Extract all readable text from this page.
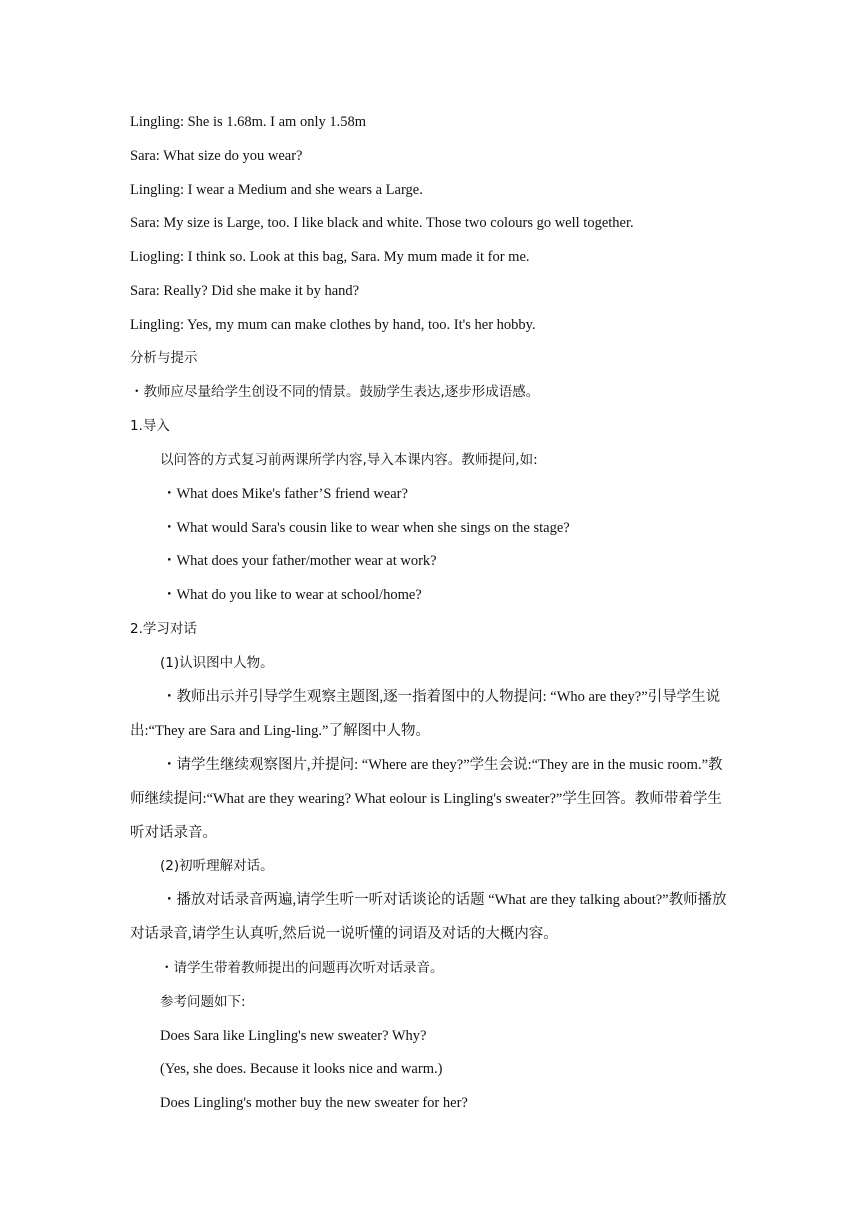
Lingling: She is 1.68m. I am only 1.58m
Sara: What size do you wear?
Lingling: I wear a Medium and she wears a Large.
Sara: My size is Large, too. I like black and white. Those two colours go well together.
Liogling: I think so. Look at this bag, Sara. My mum made it for me.
Sara: Really? Did she make it by hand?
Lingling: Yes, my mum can make clothes by hand, too. It's her hobby.
分析与提示
・教师应尽量给学生创设不同的情景。鼓励学生表达,逐步形成语感。
1.导入
以问答的方式复习前两课所学内容,导入本课内容。教师提问,如:
・What does Mike's father’S friend wear?
・What would Sara's cousin like to wear when she sings on the stage?
・What does your father/mother wear at work?
・What do you like to wear at school/home?
2.学习对话
(1)认识图中人物。
・教师出示并引导学生观察主题图,逐一指着图中的人物提问: “Who are they?”引导学生说出:“They are Sara and Ling-ling.”了解图中人物。
・请学生继续观察图片,并提问: “Where are they?”学生会说:“They are in the music room.”教师继续提问:“What are they wearing? What eolour is Lingling's sweater?”学生回答。教师带着学生听对话录音。
(2)初听理解对话。
・播放对话录音两遍,请学生听一听对话谈论的话题 “What are they talking about?”教师播放对话录音,请学生认真听,然后说一说听懂的词语及对话的大概内容。
・请学生带着教师提出的问题再次听对话录音。
参考问题如下:
Does Sara like Lingling's new sweater? Why?
(Yes, she does. Because it looks nice and warm.)
Does Lingling's mother buy the new sweater for her?
